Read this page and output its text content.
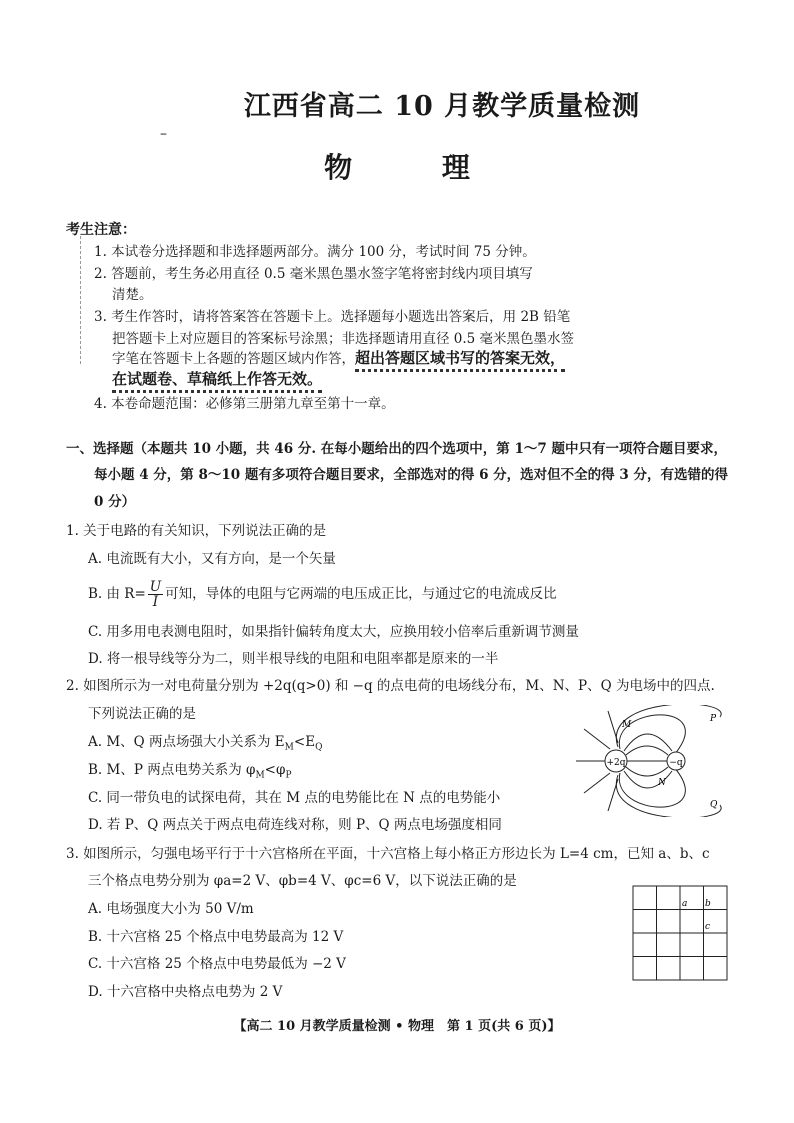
–
江西省高二 10 月教学质量检测
物 理
考生注意：
1. 本试卷分选择题和非选择题两部分。满分 100 分，考试时间 75 分钟。
2. 答题前，考生务必用直径 0.5 毫米黑色墨水签字笔将密封线内项目填写
清楚。
3. 考生作答时，请将答案答在答题卡上。选择题每小题选出答案后，用 2B 铅笔
把答题卡上对应题目的答案标号涂黑；非选择题请用直径 0.5 毫米黑色墨水签
字笔在答题卡上各题的答题区域内作答，超出答题区域书写的答案无效，
在试题卷、草稿纸上作答无效。
4. 本卷命题范围：必修第三册第九章至第十一章。
一、选择题（本题共 10 小题，共 46 分. 在每小题给出的四个选项中，第 1～7 题中只有一项符合题目要求，
每小题 4 分，第 8～10 题有多项符合题目要求，全部选对的得 6 分，选对但不全的得 3 分，有选错的得
0 分）
1. 关于电路的有关知识，下列说法正确的是
A. 电流既有大小，又有方向，是一个矢量
B. 由 $R= \frac{U}{I}$ 可知，导体的电阻与它两端的电压成正比，与通过它的电流成反比
C. 用多用电表测电阻时，如果指针偏转角度太大，应换用较小倍率后重新调节测量
D. 将一根导线等分为二，则半根导线的电阻和电阻率都是原来的一半
2. 如图所示为一对电荷量分别为 +2q(q>0) 和 −q 的点电荷的电场线分布，M、N、P、Q 为电场中的四点.
下列说法正确的是
A. M、Q 两点场强大小关系为 $E_M<E_Q$
B. M、P 两点电势关系为 $\varphi_M<\varphi_P$
C. 同一带负电的试探电荷，其在 M 点的电势能比在 N 点的电势能小
D. 若 P、Q 两点关于两点电荷连线对称，则 P、Q 两点电场强度相同
+2q	−q
M
N
P
Q
3. 如图所示，匀强电场平行于十六宫格所在平面，十六宫格上每小格正方形边长为 L=4 cm，已知 a、b、c
三个格点电势分别为 φa=2 V、φb=4 V、φc=6 V，以下说法正确的是
A. 电场强度大小为 50 V/m
B. 十六宫格 25 个格点中电势最高为 12 V
C. 十六宫格 25 个格点中电势最低为 −2 V
D. 十六宫格中央格点电势为 2 V
a b
c
【高二 10 月教学质量检测 • 物理　第 1 页(共 6 页)】
